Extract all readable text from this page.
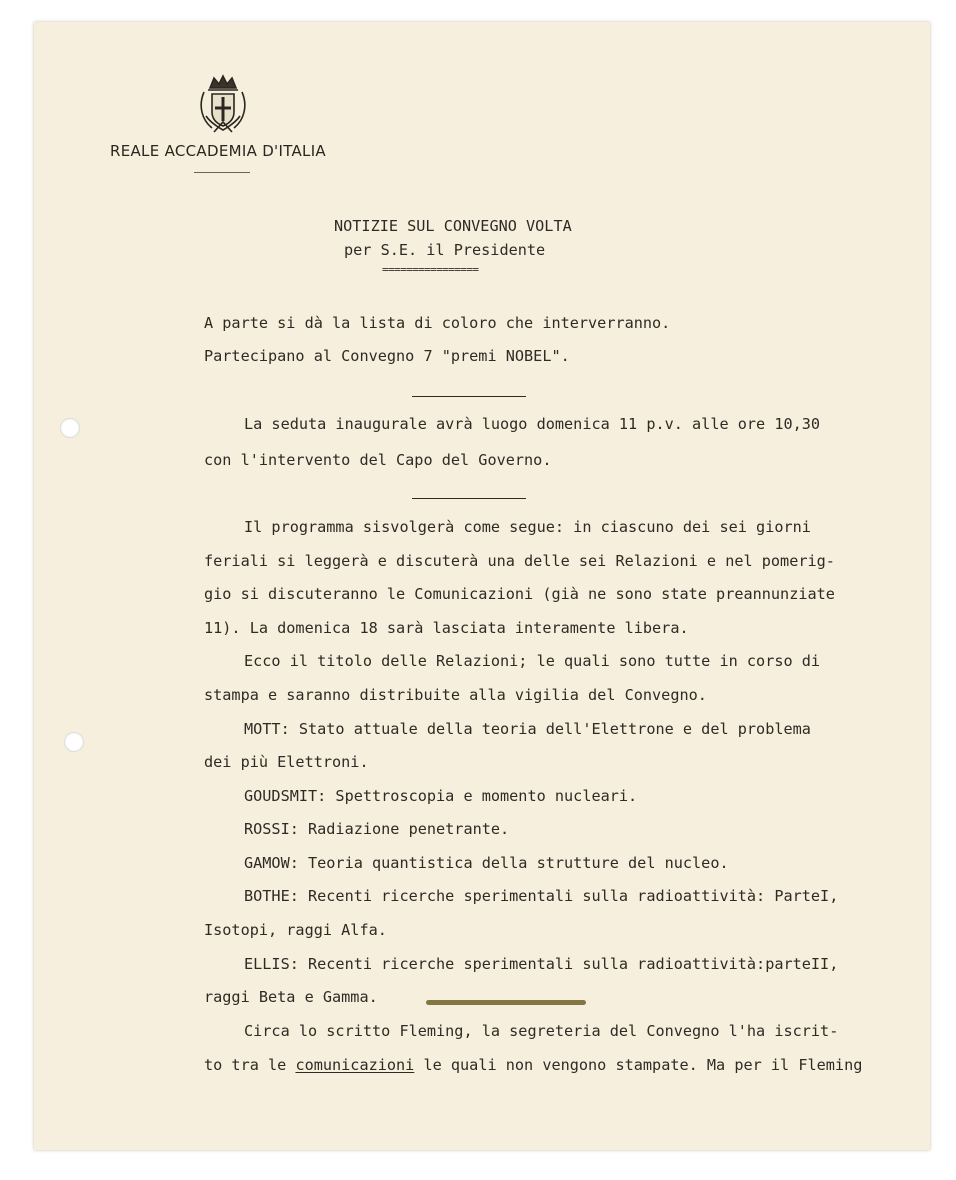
REALE ACCADEMIA D'ITALIA
NOTIZIE SUL CONVEGNO VOLTA
per S.E. il Presidente
================
A parte si dà la lista di coloro che interverranno.
Partecipano al Convegno 7 "premi NOBEL".
La seduta inaugurale avrà luogo domenica 11 p.v. alle ore 10,30
con l'intervento del Capo del Governo.
Il programma sisvolgerà come segue: in ciascuno dei sei giorni
feriali si leggerà e discuterà una delle sei Relazioni e nel pomerig-
gio si discuteranno le Comunicazioni (già ne sono state preannunziate
11). La domenica 18 sarà lasciata interamente libera.
Ecco il titolo delle Relazioni; le quali sono tutte in corso di
stampa e saranno distribuite alla vigilia del Convegno.
MOTT: Stato attuale della teoria dell'Elettrone e del problema
dei più Elettroni.
GOUDSMIT: Spettroscopia e momento nucleari.
ROSSI: Radiazione penetrante.
GAMOW: Teoria quantistica della strutture del nucleo.
BOTHE: Recenti ricerche sperimentali sulla radioattività: ParteI,
Isotopi, raggi Alfa.
ELLIS: Recenti ricerche sperimentali sulla radioattività:parteII,
raggi Beta e Gamma.
Circa lo scritto Fleming, la segreteria del Convegno l'ha iscrit-
to tra le comunicazioni le quali non vengono stampate. Ma per il Fleming
